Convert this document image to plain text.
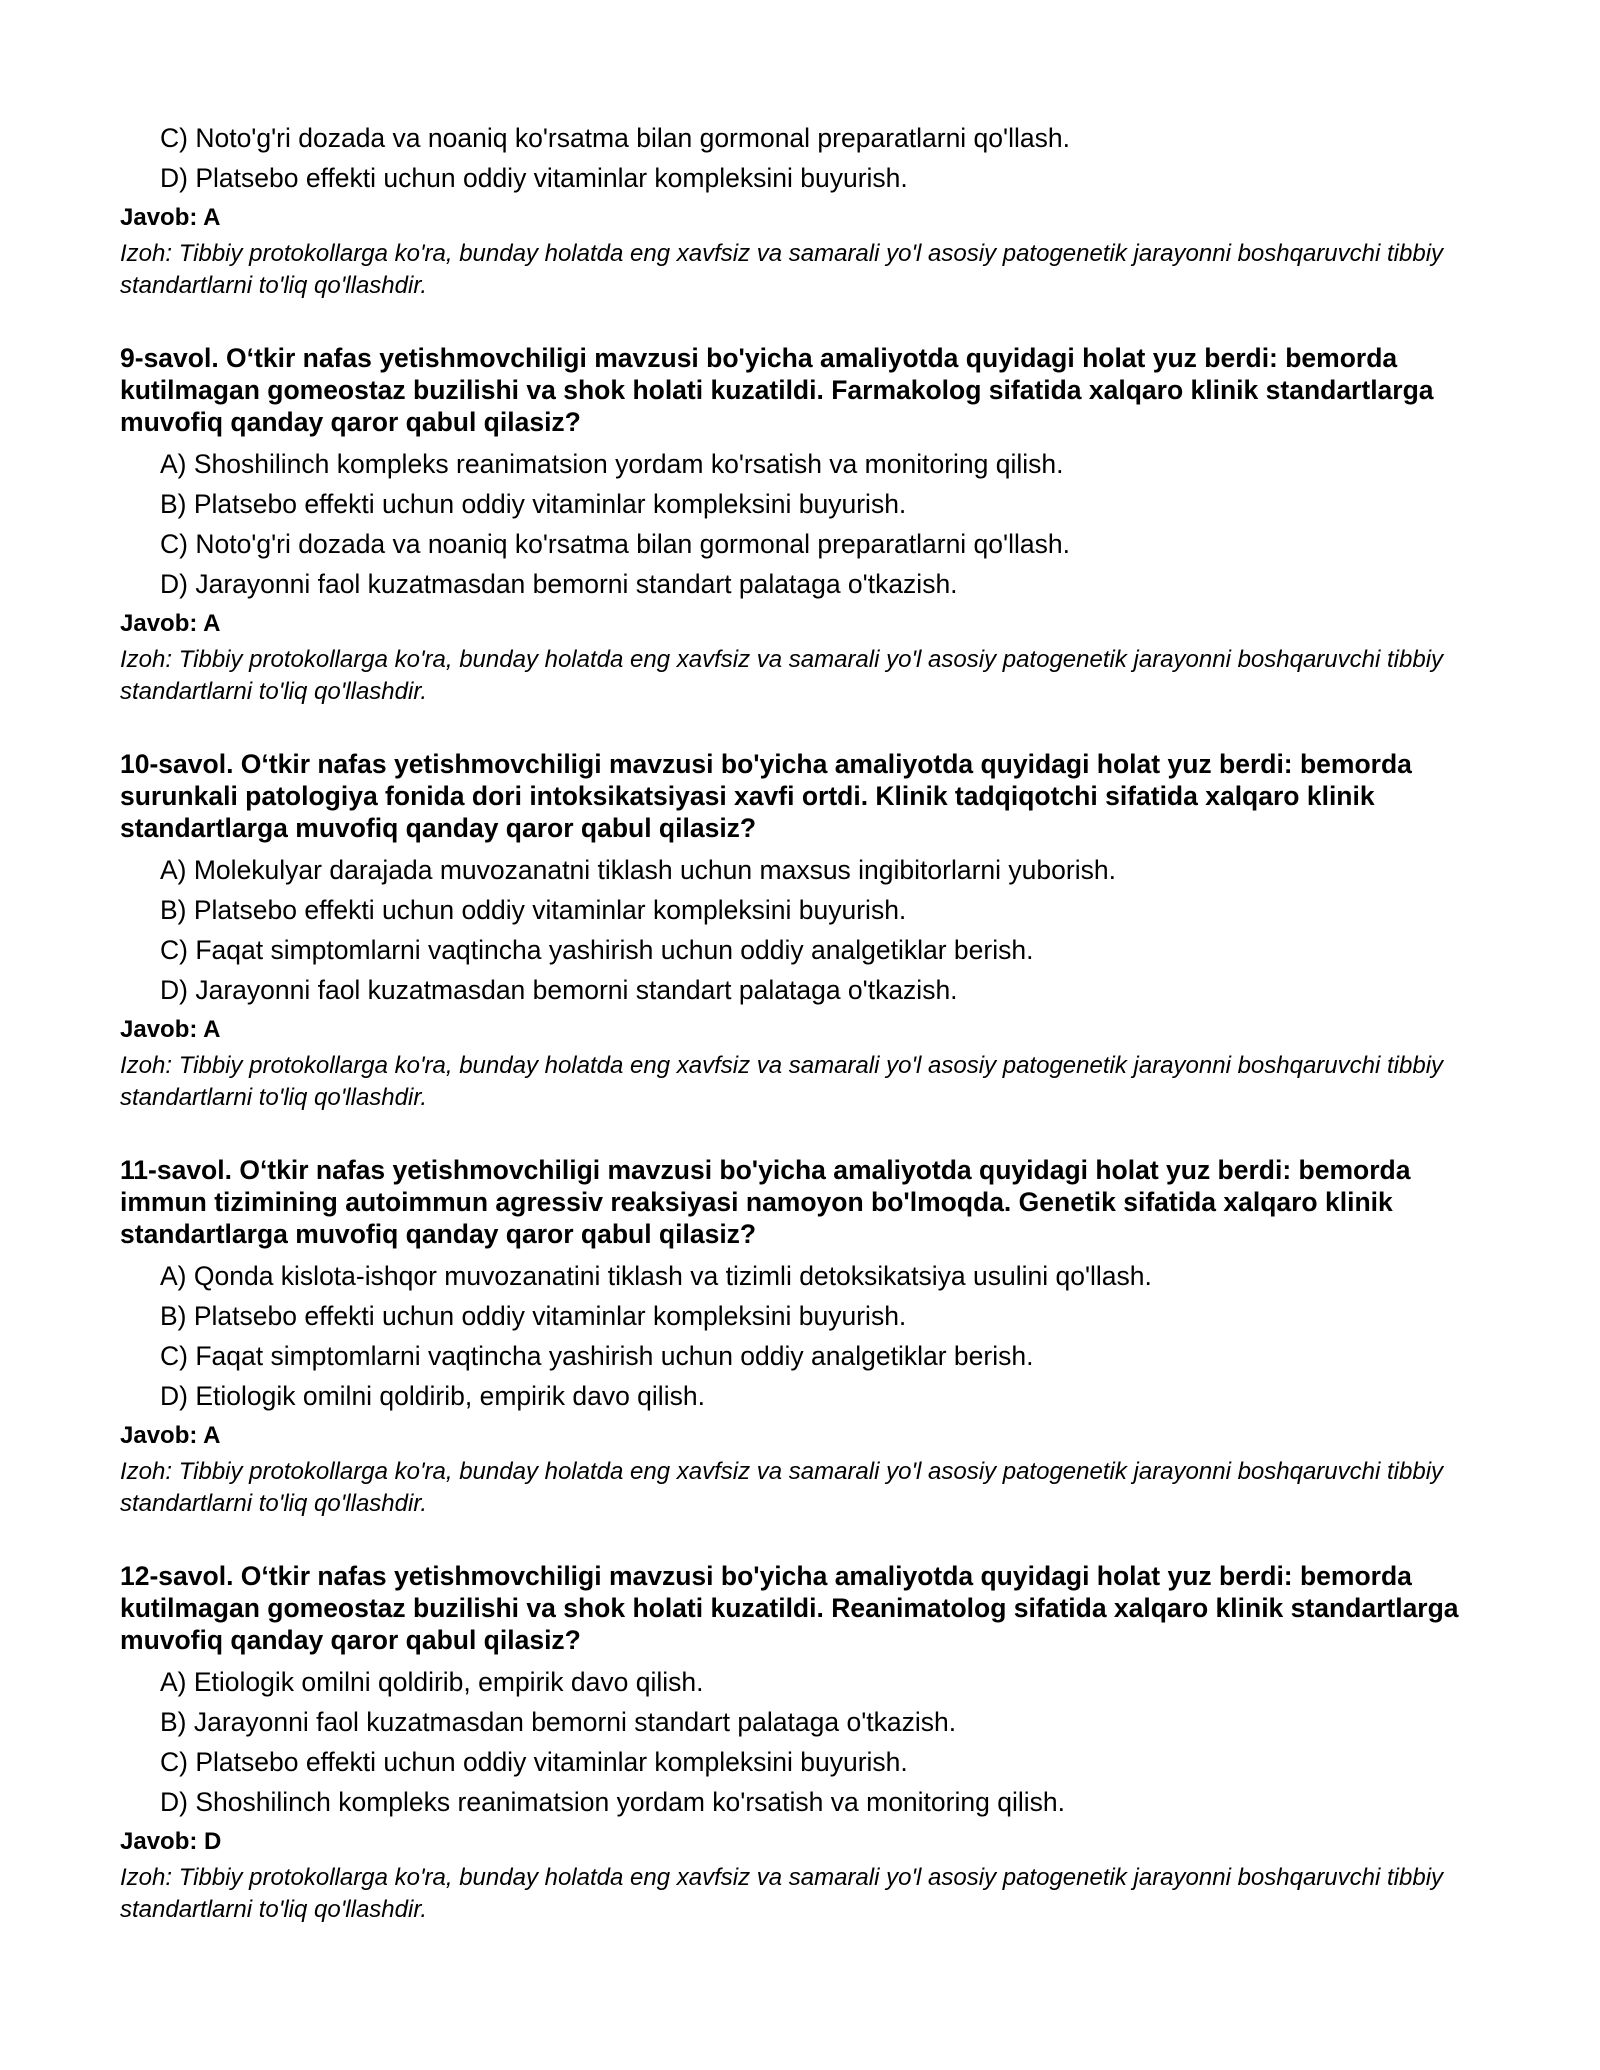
C) Noto'g'ri dozada va noaniq ko'rsatma bilan gormonal preparatlarni qo'llash.
D) Platsebo effekti uchun oddiy vitaminlar kompleksini buyurish.
Javob: A
Izoh: Tibbiy protokollarga ko'ra, bunday holatda eng xavfsiz va samarali yo'l asosiy patogenetik jarayonni boshqaruvchi tibbiy standartlarni to'liq qo'llashdir.

9-savol. O‘tkir nafas yetishmovchiligi mavzusi bo'yicha amaliyotda quyidagi holat yuz berdi: bemorda kutilmagan gomeostaz buzilishi va shok holati kuzatildi. Farmakolog sifatida xalqaro klinik standartlarga muvofiq qanday qaror qabul qilasiz?

A) Shoshilinch kompleks reanimatsion yordam ko'rsatish va monitoring qilish.
B) Platsebo effekti uchun oddiy vitaminlar kompleksini buyurish.
C) Noto'g'ri dozada va noaniq ko'rsatma bilan gormonal preparatlarni qo'llash.
D) Jarayonni faol kuzatmasdan bemorni standart palataga o'tkazish.
Javob: A
Izoh: Tibbiy protokollarga ko'ra, bunday holatda eng xavfsiz va samarali yo'l asosiy patogenetik jarayonni boshqaruvchi tibbiy standartlarni to'liq qo'llashdir.

10-savol. O‘tkir nafas yetishmovchiligi mavzusi bo'yicha amaliyotda quyidagi holat yuz berdi: bemorda surunkali patologiya fonida dori intoksikatsiyasi xavfi ortdi. Klinik tadqiqotchi sifatida xalqaro klinik standartlarga muvofiq qanday qaror qabul qilasiz?

A) Molekulyar darajada muvozanatni tiklash uchun maxsus ingibitorlarni yuborish.
B) Platsebo effekti uchun oddiy vitaminlar kompleksini buyurish.
C) Faqat simptomlarni vaqtincha yashirish uchun oddiy analgetiklar berish.
D) Jarayonni faol kuzatmasdan bemorni standart palataga o'tkazish.
Javob: A
Izoh: Tibbiy protokollarga ko'ra, bunday holatda eng xavfsiz va samarali yo'l asosiy patogenetik jarayonni boshqaruvchi tibbiy standartlarni to'liq qo'llashdir.

11-savol. O‘tkir nafas yetishmovchiligi mavzusi bo'yicha amaliyotda quyidagi holat yuz berdi: bemorda immun tizimining autoimmun agressiv reaksiyasi namoyon bo'lmoqda. Genetik sifatida xalqaro klinik standartlarga muvofiq qanday qaror qabul qilasiz?

A) Qonda kislota-ishqor muvozanatini tiklash va tizimli detoksikatsiya usulini qo'llash.
B) Platsebo effekti uchun oddiy vitaminlar kompleksini buyurish.
C) Faqat simptomlarni vaqtincha yashirish uchun oddiy analgetiklar berish.
D) Etiologik omilni qoldirib, empirik davo qilish.
Javob: A
Izoh: Tibbiy protokollarga ko'ra, bunday holatda eng xavfsiz va samarali yo'l asosiy patogenetik jarayonni boshqaruvchi tibbiy standartlarni to'liq qo'llashdir.

12-savol. O‘tkir nafas yetishmovchiligi mavzusi bo'yicha amaliyotda quyidagi holat yuz berdi: bemorda kutilmagan gomeostaz buzilishi va shok holati kuzatildi. Reanimatolog sifatida xalqaro klinik standartlarga muvofiq qanday qaror qabul qilasiz?

A) Etiologik omilni qoldirib, empirik davo qilish.
B) Jarayonni faol kuzatmasdan bemorni standart palataga o'tkazish.
C) Platsebo effekti uchun oddiy vitaminlar kompleksini buyurish.
D) Shoshilinch kompleks reanimatsion yordam ko'rsatish va monitoring qilish.
Javob: D
Izoh: Tibbiy protokollarga ko'ra, bunday holatda eng xavfsiz va samarali yo'l asosiy patogenetik jarayonni boshqaruvchi tibbiy standartlarni to'liq qo'llashdir.
